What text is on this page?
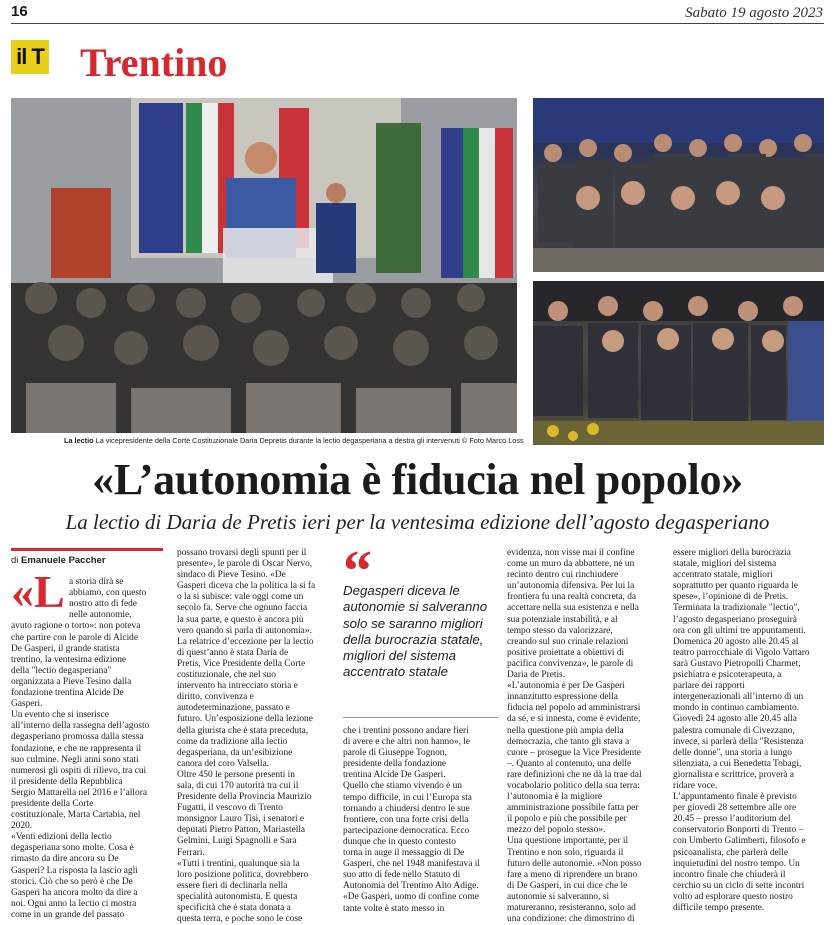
16	Sabato 19 agosto 2023
il T Trentino
La lectio La vicepresidente della Corte Costituzionale Daria Depretis durante la lectio degasperiana a destra gli intervenuti © Foto Marco Loss
«L’autonomia è fiducia nel popolo»
La lectio di Daria de Pretis ieri per la ventesima edizione dell’agosto degasperiano
di Emanuele Paccher
«L a storia dirà se
abbiamo, con questo
nostro atto di fede
nelle autonomie,
avuto ragione o torto»: non poteva
che partire con le parole di Alcide
De Gasperi, il grande statista
trentino, la ventesima edizione
della "lectio degasperiana"
organizzata a Pieve Tesino dalla
fondazione trentina Alcide De
Gasperi.
Un evento che si inserisce
all’interno della rassegna dell’agosto
degasperiano promossa dalla stessa
fondazione, e che ne rappresenta il
suo culmine. Negli anni sono stati
numerosi gli ospiti di rilievo, tra cui
il presidente della Repubblica
Sergio Mattarella nel 2016 e l’allora
presidente della Corte
costituzionale, Marta Cartabia, nel
2020.
«Venti edizioni della lectio
degasperiana sono molte. Cosa è
rimasto da dire ancora su De
Gasperi? La risposta la lascio agli
storici. Ciò che so però è che De
Gasperi ha ancora molto da dire a
noi. Ogni anno la lectio ci mostra
come in un grande del passato

possano trovarsi degli spunti per il
presente», le parole di Oscar Nervo,
sindaco di Pieve Tesino. «De
Gasperi diceva che la politica la si fa
o la si subisce: vale oggi come un
secolo fa. Serve che ognuno faccia
la sua parte, e questo è ancora più
vero quando si parla di autonomia».
La relatrice d’eccezione per la lectio
di quest’anno è stata Daria de
Pretis, Vice Presidente della Corte
costituzionale, che nel suo
intervento ha intrecciato storia e
diritto, convivenza e
autodeterminazione, passato e
futuro. Un’esposizione della lezione
della giurista che è stata preceduta,
come da tradizione alla lectio
degasperiana, da un’esibizione
canora del coro Valsella.
Oltre 450 le persone presenti in
sala, di cui 170 autorità tra cui il
Presidente della Provincia Maurizio
Fugatti, il vescovo di Trento
monsignor Lauro Tisi, i senatori e
deputati Pietro Patton, Mariastella
Gelmini, Luigi Spagnolli e Sara
Ferrari.
«Tutti i trentini, qualunque sia la
loro posizione politica, dovrebbero
essere fieri di declinarla nella
specialità autonomista. E questa
specificità che è stata donata a
questa terra, e poche sono le cose
“
Degasperi diceva le autonomie si salveranno solo se saranno migliori della burocrazia statale, migliori del sistema accentrato statale
che i trentini possono andare fieri
di avere e che altri non hanno», le
parole di Giuseppe Tognon,
presidente della fondazione
trentina Alcide De Gasperi.
Quello che stiamo vivendo è un
tempo difficile, in cui l’Europa sta
tornando a chiudersi dentro le sue
frontiere, con una forte crisi della
partecipazione democratica. Ecco
dunque che in questo contesto
torna in auge il messaggio di De
Gasperi, che nel 1948 manifestava il
suo atto di fede nello Statuto di
Autonomia del Trentino Alto Adige.
«De Gasperi, uomo di confine come
tante volte è stato messo in
evidenza, non visse mai il confine
come un muro da abbattere, né un
recinto dentro cui rinchiudere
un’autonomia difensiva. Per lui la
frontiera fu una realtà concreta, da
accettare nella sua esistenza e nella
sua potenziale instabilità, e al
tempo stesso da valorizzare,
creando sul suo crinale relazioni
positive proiettate a obiettivi di
pacifica convivenza», le parole di
Daria de Pretis.
«L’autonomia è per De Gasperi
innanzitutto espressione della
fiducia nel popolo ad amministrarsi
da sé, e si innesta, come è evidente,
nella questione più ampia della
democrazia, che tanto gli stava a
cuore – prosegue la Vice Presidente
–. Quanto al contenuto, una delle
rare definizioni che ne dà la trae dal
vocabolario politico della sua terra:
l’autonomia è la migliore
amministrazione possibile fatta per
il popolo e più che possibile per
mezzo del popolo stesso».
Una questione importante, per il
Trentino e non solo, riguarda il
futuro delle autonomie. «Non posso
fare a meno di riprendere un brano
di De Gasperi, in cui dice che le
autonomie si salveranno, si
matureranno, resisteranno, solo ad
una condizione: che dimostrino di
essere migliori della burocrazia
statale, migliori del sistema
accentrato statale, migliori
soprattutto per quanto riguarda le
spese», l’opinione di de Pretis.
Terminata la tradizionale "lectio",
l’agosto degasperiano proseguirà
ora con gli ultimi tre appuntamenti.
Domenica 20 agosto alle 20.45 al
teatro parrocchiale di Vigolo Vattaro
sarà Gustavo Pietropolli Charmet,
psichiatra e psicoterapeuta, a
parlare dei rapporti
intergenerazionali all’interno di un
mondo in continuo cambiamento.
Giovedì 24 agosto alle 20.45 alla
palestra comunale di Civezzano,
invece, si parlerà della "Resistenza
delle donne", una storia a lungo
silenziata, a cui Benedetta Tobagi,
giornalista e scrittrice, proverà a
ridare voce.
L’appuntamento finale è previsto
per giovedì 28 settembre alle ore
20.45 – presso l’auditorium del
conservatorio Bonporti di Trento –
con Umberto Galimberti, filosofo e
psicoanalista, che parlerà delle
inquietudini del nostro tempo. Un
incontro finale che chiuderà il
cerchio su un ciclo di sette incontri
volto ad esplorare questo nostro
difficile tempo presente.
